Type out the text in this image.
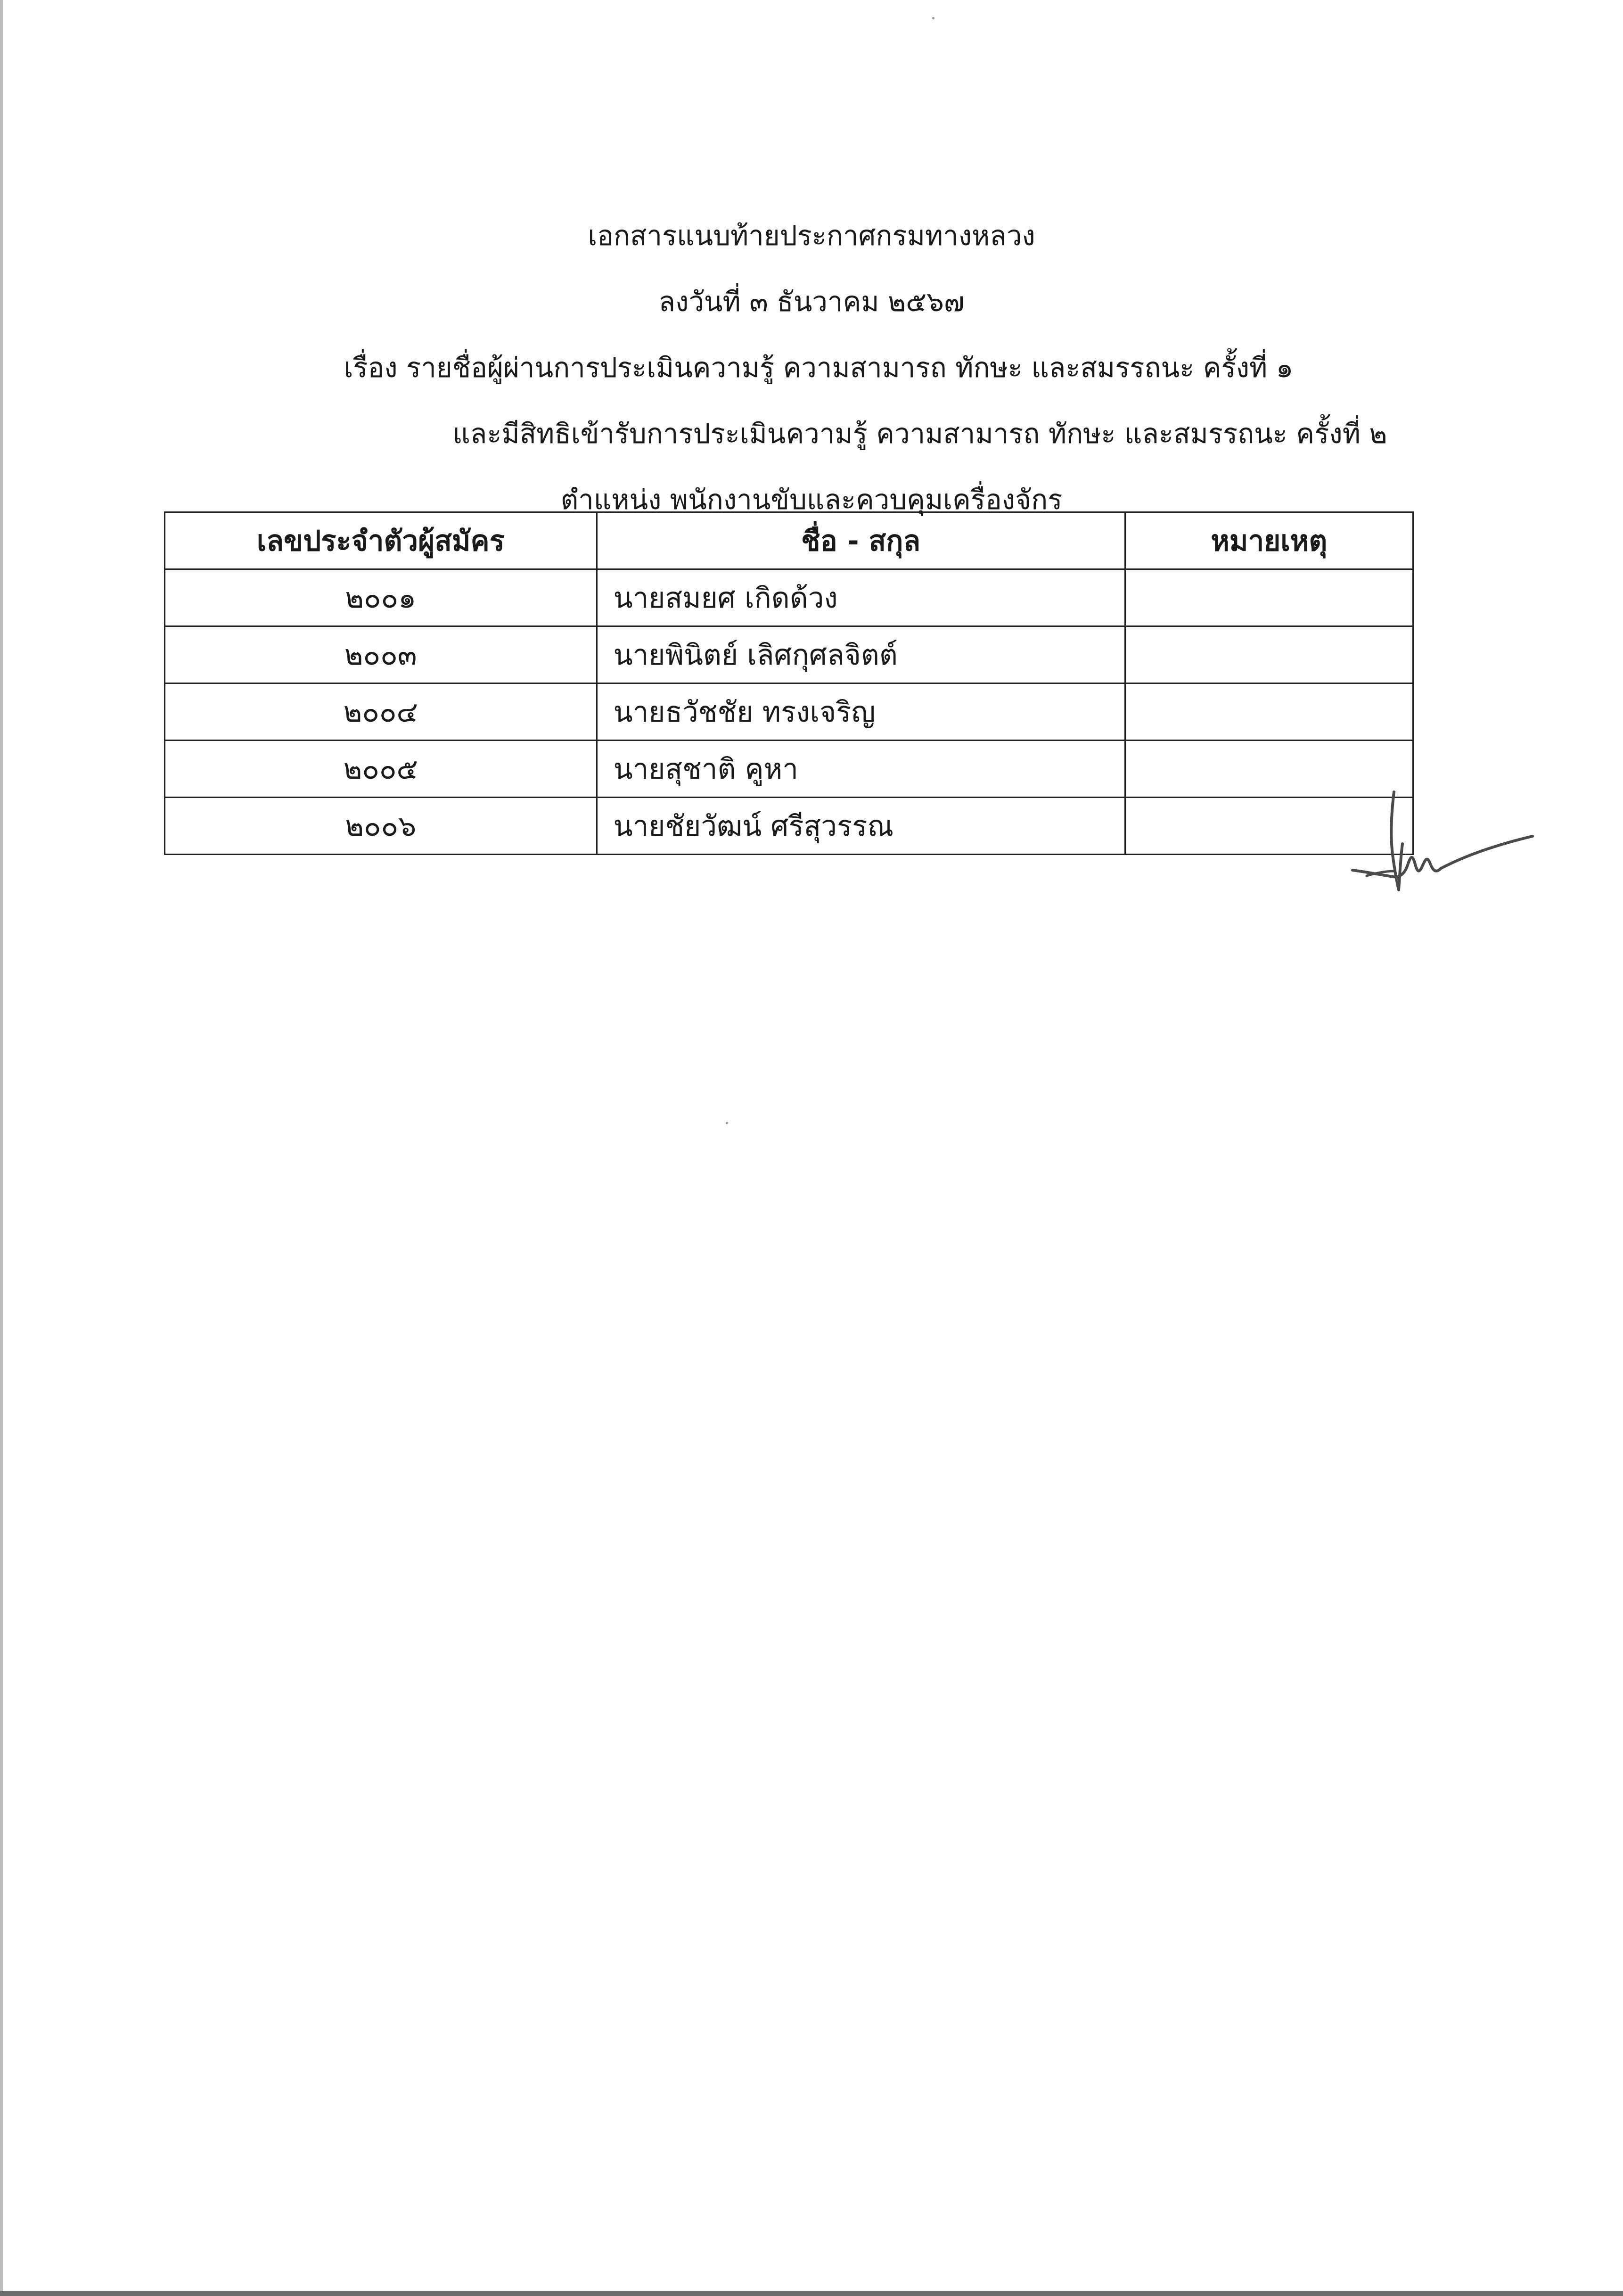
เอกสารแนบท้ายประกาศกรมทางหลวง
ลงวันที่ ๓ ธันวาคม ๒๕๖๗
เรื่อง รายชื่อผู้ผ่านการประเมินความรู้ ความสามารถ ทักษะ และสมรรถนะ ครั้งที่ ๑
และมีสิทธิเข้ารับการประเมินความรู้ ความสามารถ ทักษะ และสมรรถนะ ครั้งที่ ๒
ตำแหน่ง พนักงานขับและควบคุมเครื่องจักร
เลขประจำตัวผู้สมัคร	ชื่อ - สกุล	หมายเหตุ
๒๐๐๑	นายสมยศ เกิดด้วง	
๒๐๐๓	นายพินิตย์ เลิศกุศลจิตต์	
๒๐๐๔	นายธวัชชัย ทรงเจริญ	
๒๐๐๕	นายสุชาติ คูหา	
๒๐๐๖	นายชัยวัฒน์ ศรีสุวรรณ	
